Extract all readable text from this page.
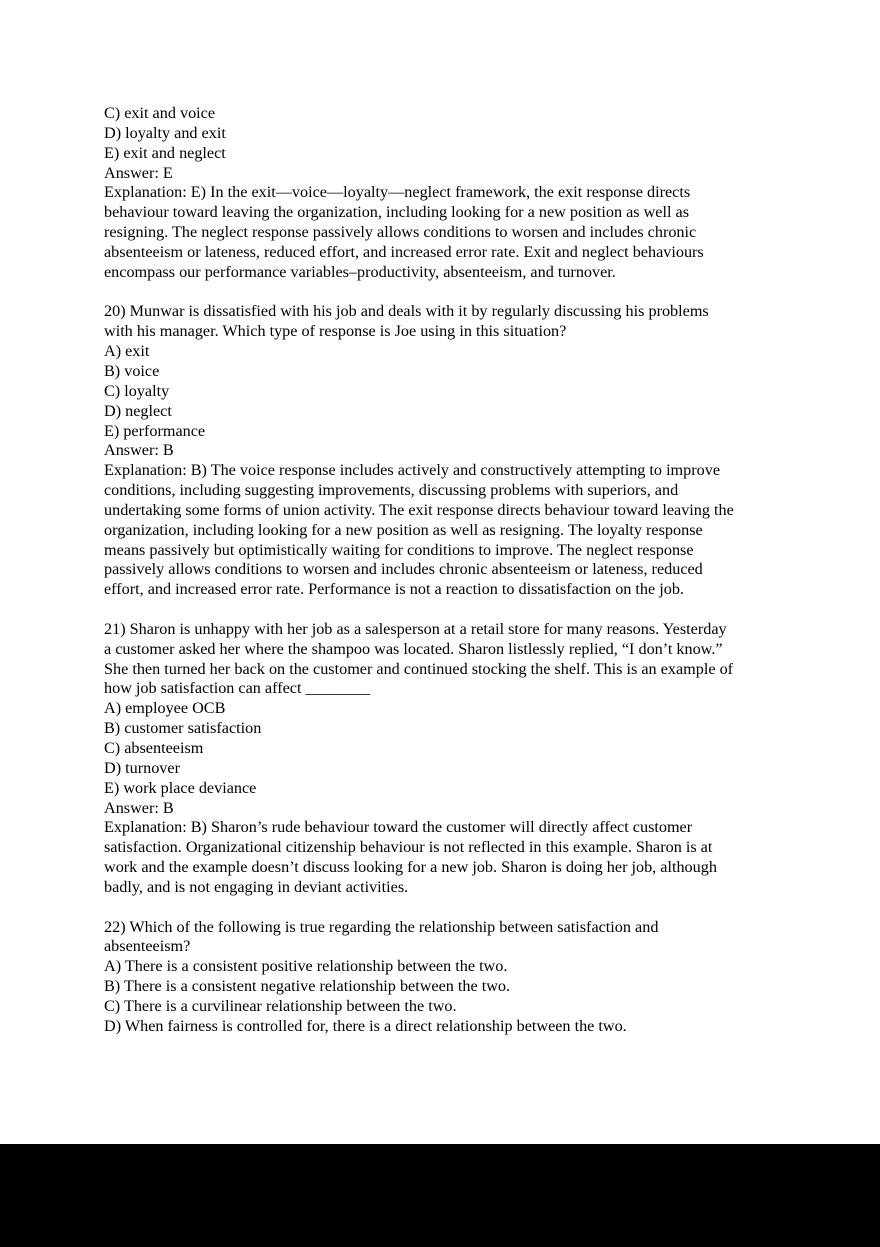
C) exit and voice
D) loyalty and exit
E) exit and neglect
Answer: E
Explanation: E) In the exit—voice—loyalty—neglect framework, the exit response directs
behaviour toward leaving the organization, including looking for a new position as well as
resigning. The neglect response passively allows conditions to worsen and includes chronic
absenteeism or lateness, reduced effort, and increased error rate. Exit and neglect behaviours
encompass our performance variables–productivity, absenteeism, and turnover.
20) Munwar is dissatisfied with his job and deals with it by regularly discussing his problems
with his manager. Which type of response is Joe using in this situation?
A) exit
B) voice
C) loyalty
D) neglect
E) performance
Answer: B
Explanation: B) The voice response includes actively and constructively attempting to improve
conditions, including suggesting improvements, discussing problems with superiors, and
undertaking some forms of union activity. The exit response directs behaviour toward leaving the
organization, including looking for a new position as well as resigning. The loyalty response
means passively but optimistically waiting for conditions to improve. The neglect response
passively allows conditions to worsen and includes chronic absenteeism or lateness, reduced
effort, and increased error rate. Performance is not a reaction to dissatisfaction on the job.
21) Sharon is unhappy with her job as a salesperson at a retail store for many reasons. Yesterday
a customer asked her where the shampoo was located. Sharon listlessly replied, “I don’t know.”
She then turned her back on the customer and continued stocking the shelf. This is an example of
how job satisfaction can affect ________
A) employee OCB
B) customer satisfaction
C) absenteeism
D) turnover
E) work place deviance
Answer: B
Explanation: B) Sharon’s rude behaviour toward the customer will directly affect customer
satisfaction. Organizational citizenship behaviour is not reflected in this example. Sharon is at
work and the example doesn’t discuss looking for a new job. Sharon is doing her job, although
badly, and is not engaging in deviant activities.
22) Which of the following is true regarding the relationship between satisfaction and
absenteeism?
A) There is a consistent positive relationship between the two.
B) There is a consistent negative relationship between the two.
C) There is a curvilinear relationship between the two.
D) When fairness is controlled for, there is a direct relationship between the two.
